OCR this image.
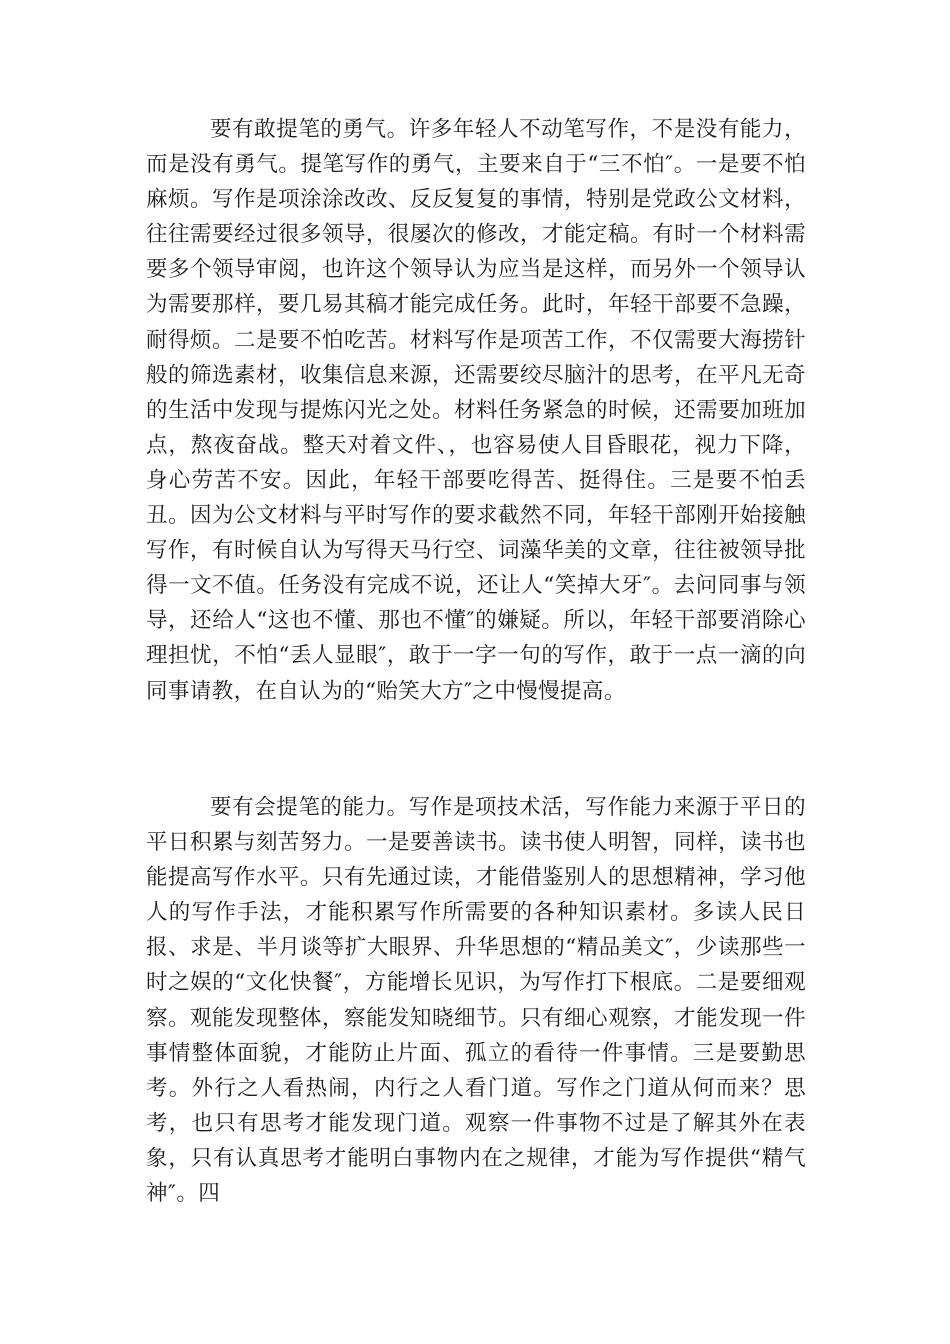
要有敢提笔的勇气。许多年轻人不动笔写作，不是没有能力，而是没有勇气。提笔写作的勇气，主要来自于“三不怕″。一是要不怕麻烦。写作是项涂涂改改、反反复复的事情，特别是党政公文材料，往往需要经过很多领导，很屡次的修改，才能定稿。有时一个材料需要多个领导审阅，也许这个领导认为应当是这样，而另外一个领导认为需要那样，要几易其稿才能完成任务。此时，年轻干部要不急躁，耐得烦。二是要不怕吃苦。材料写作是项苦工作，不仅需要大海捞针般的筛选素材，收集信息来源，还需要绞尽脑汁的思考，在平凡无奇的生活中发现与提炼闪光之处。材料任务紧急的时候，还需要加班加点，熬夜奋战。整天对着文件、，也容易使人目昏眼花，视力下降，身心劳苦不安。因此，年轻干部要吃得苦、挺得住。三是要不怕丢丑。因为公文材料与平时写作的要求截然不同，年轻干部刚开始接触写作，有时候自认为写得天马行空、词藻华美的文章，往往被领导批得一文不值。任务没有完成不说，还让人“笑掉大牙″。去问同事与领导，还给人“这也不懂、那也不懂″的嫌疑。所以，年轻干部要消除心理担忧，不怕“丢人显眼″，敢于一字一句的写作，敢于一点一滴的向同事请教，在自认为的“贻笑大方″之中慢慢提高。

要有会提笔的能力。写作是项技术活，写作能力来源于平日的平日积累与刻苦努力。一是要善读书。读书使人明智，同样，读书也能提高写作水平。只有先通过读，才能借鉴别人的思想精神，学习他人的写作手法，才能积累写作所需要的各种知识素材。多读人民日报、求是、半月谈等扩大眼界、升华思想的“精品美文″，少读那些一时之娱的“文化快餐″，方能增长见识，为写作打下根底。二是要细观察。观能发现整体，察能发知晓细节。只有细心观察，才能发现一件事情整体面貌，才能防止片面、孤立的看待一件事情。三是要勤思考。外行之人看热闹，内行之人看门道。写作之门道从何而来？思考，也只有思考才能发现门道。观察一件事物不过是了解其外在表象，只有认真思考才能明白事物内在之规律，才能为写作提供“精气神″。四
